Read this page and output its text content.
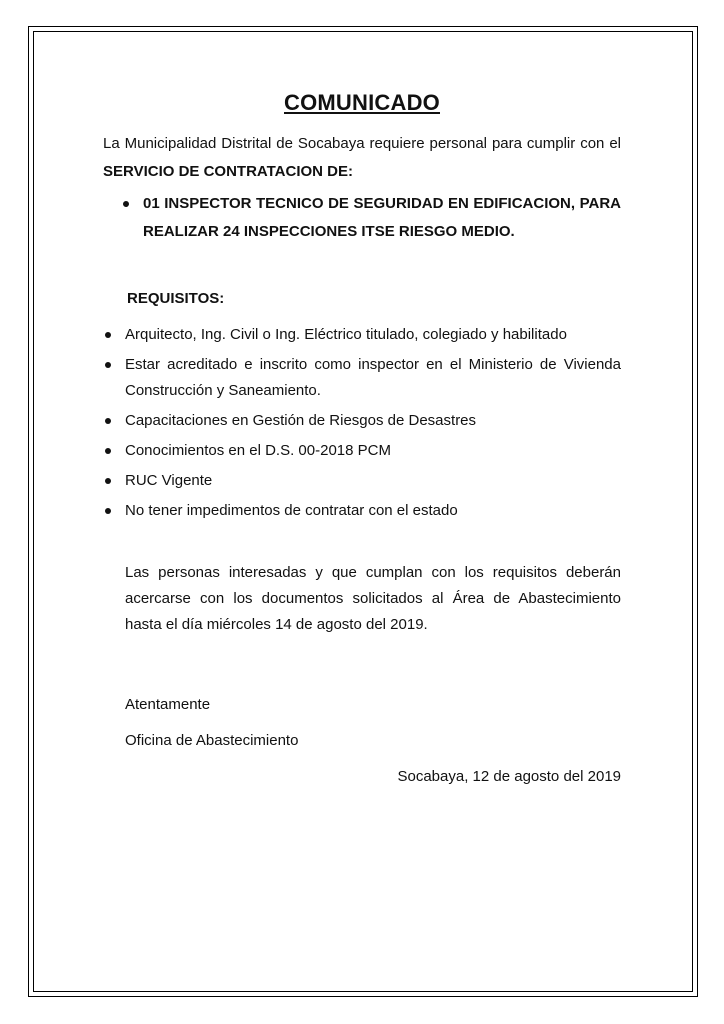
COMUNICADO

La Municipalidad Distrital de Socabaya requiere personal para cumplir con el SERVICIO DE CONTRATACION DE:

01 INSPECTOR TECNICO DE SEGURIDAD EN EDIFICACION, PARA REALIZAR 24 INSPECCIONES ITSE RIESGO MEDIO.
REQUISITOS:
Arquitecto, Ing. Civil o Ing. Eléctrico titulado, colegiado y habilitado
Estar acreditado e inscrito como inspector en el Ministerio de Vivienda Construcción y Saneamiento.
Capacitaciones en Gestión de Riesgos de Desastres
Conocimientos en el D.S. 00-2018 PCM
RUC Vigente
No tener impedimentos de contratar con el estado

Las personas interesadas y que cumplan con los requisitos deberán acercarse con los documentos solicitados al Área de Abastecimiento hasta el día miércoles 14 de agosto del 2019.

Atentamente
Oficina de Abastecimiento
Socabaya, 12 de agosto del 2019
